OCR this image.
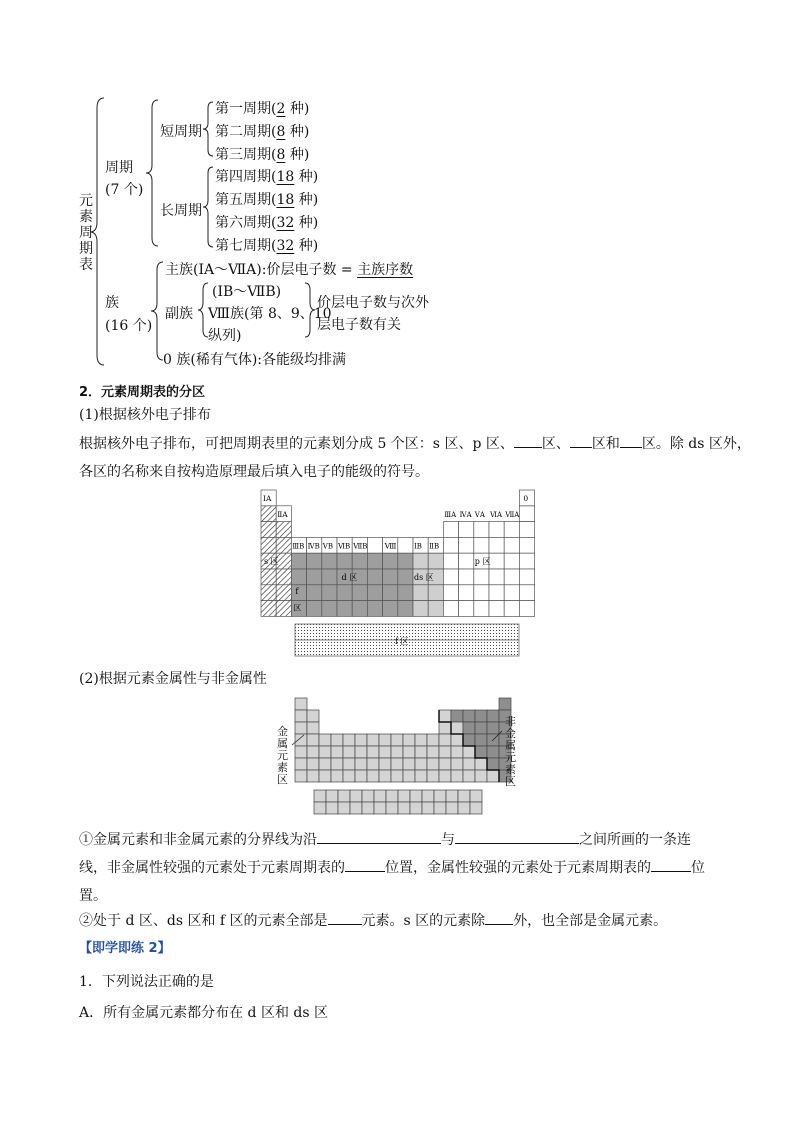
元素周期表
周期
(7 个)
短周期
长周期
第一周期(2 种)
第二周期(8 种)
第三周期(8 种)
第四周期(18 种)
第五周期(18 种)
第六周期(32 种)
第七周期(32 种)
族
(16 个)
主族(ⅠA～ⅦA):价层电子数 = 主族序数
副族
(ⅠB～ⅦB)
Ⅷ族(第 8、9、10
纵列)
价层电子数与次外
层电子数有关
0 族(稀有气体):各能级均排满
2．元素周期表的分区
(1)根据核外电子排布
根据核外电子排布，可把周期表里的元素划分成 5 个区：s 区、p 区、 区、 区和 区。除 ds 区外，
各区的名称来自按构造原理最后填入电子的能级的符号。
ⅠA	0
ⅡA
ⅢB ⅣB ⅤB ⅥB ⅦB Ⅷ	ⅠB ⅡB
ⅢA ⅣA ⅤA ⅥA ⅦA
s 区
d 区	ds 区
p 区
f
区
f 区
(2)根据元素金属性与非金属性
金属元素区
非金属元素区
①金属元素和非金属元素的分界线为沿	与	之间所画的一条连
线，非金属性较强的元素处于元素周期表的	位置，金属性较强的元素处于元素周期表的	位
置。
②处于 d 区、ds 区和 f 区的元素全部是 元素。s 区的元素除 外，也全部是金属元素。
【即学即练 2】
1．下列说法正确的是
A．所有金属元素都分布在 d 区和 ds 区
